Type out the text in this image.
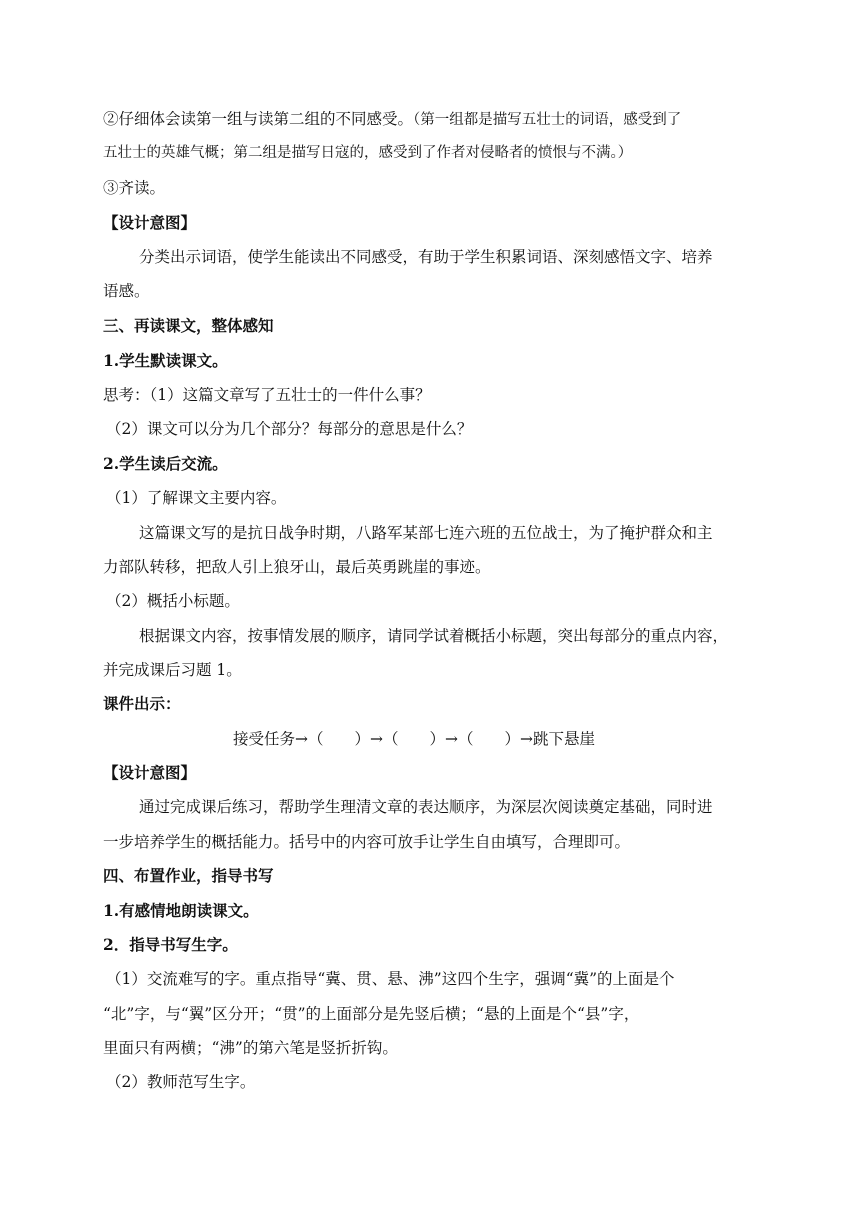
②仔细体会读第一组与读第二组的不同感受。（第一组都是描写五壮士的词语，感受到了
五壮士的英雄气概；第二组是描写日寇的，感受到了作者对侵略者的愤恨与不满。）
③齐读。
【设计意图】
分类出示词语，使学生能读出不同感受，有助于学生积累词语、深刻感悟文字、培养
语感。
三、再读课文，整体感知
1.学生默读课文。
思考：（1）这篇文章写了五壮士的一件什么事？
（2）课文可以分为几个部分？每部分的意思是什么？
2.学生读后交流。
（1）了解课文主要内容。
这篇课文写的是抗日战争时期，八路军某部七连六班的五位战士，为了掩护群众和主
力部队转移，把敌人引上狼牙山，最后英勇跳崖的事迹。
（2）概括小标题。
根据课文内容，按事情发展的顺序，请同学试着概括小标题，突出每部分的重点内容，
并完成课后习题 1。
课件出示：
接受任务→（　　）→（　　）→（　　）→跳下悬崖
【设计意图】
通过完成课后练习，帮助学生理清文章的表达顺序，为深层次阅读奠定基础，同时进
一步培养学生的概括能力。括号中的内容可放手让学生自由填写，合理即可。
四、布置作业，指导书写
1.有感情地朗读课文。
2．指导书写生字。
（1）交流难写的字。重点指导“冀、贯、悬、沸”这四个生字，强调“冀”的上面是个
“北”字，与“翼”区分开；“贯”的上面部分是先竖后横；“悬的上面是个“县”字，
里面只有两横；“沸”的第六笔是竖折折钩。
（2）教师范写生字。
